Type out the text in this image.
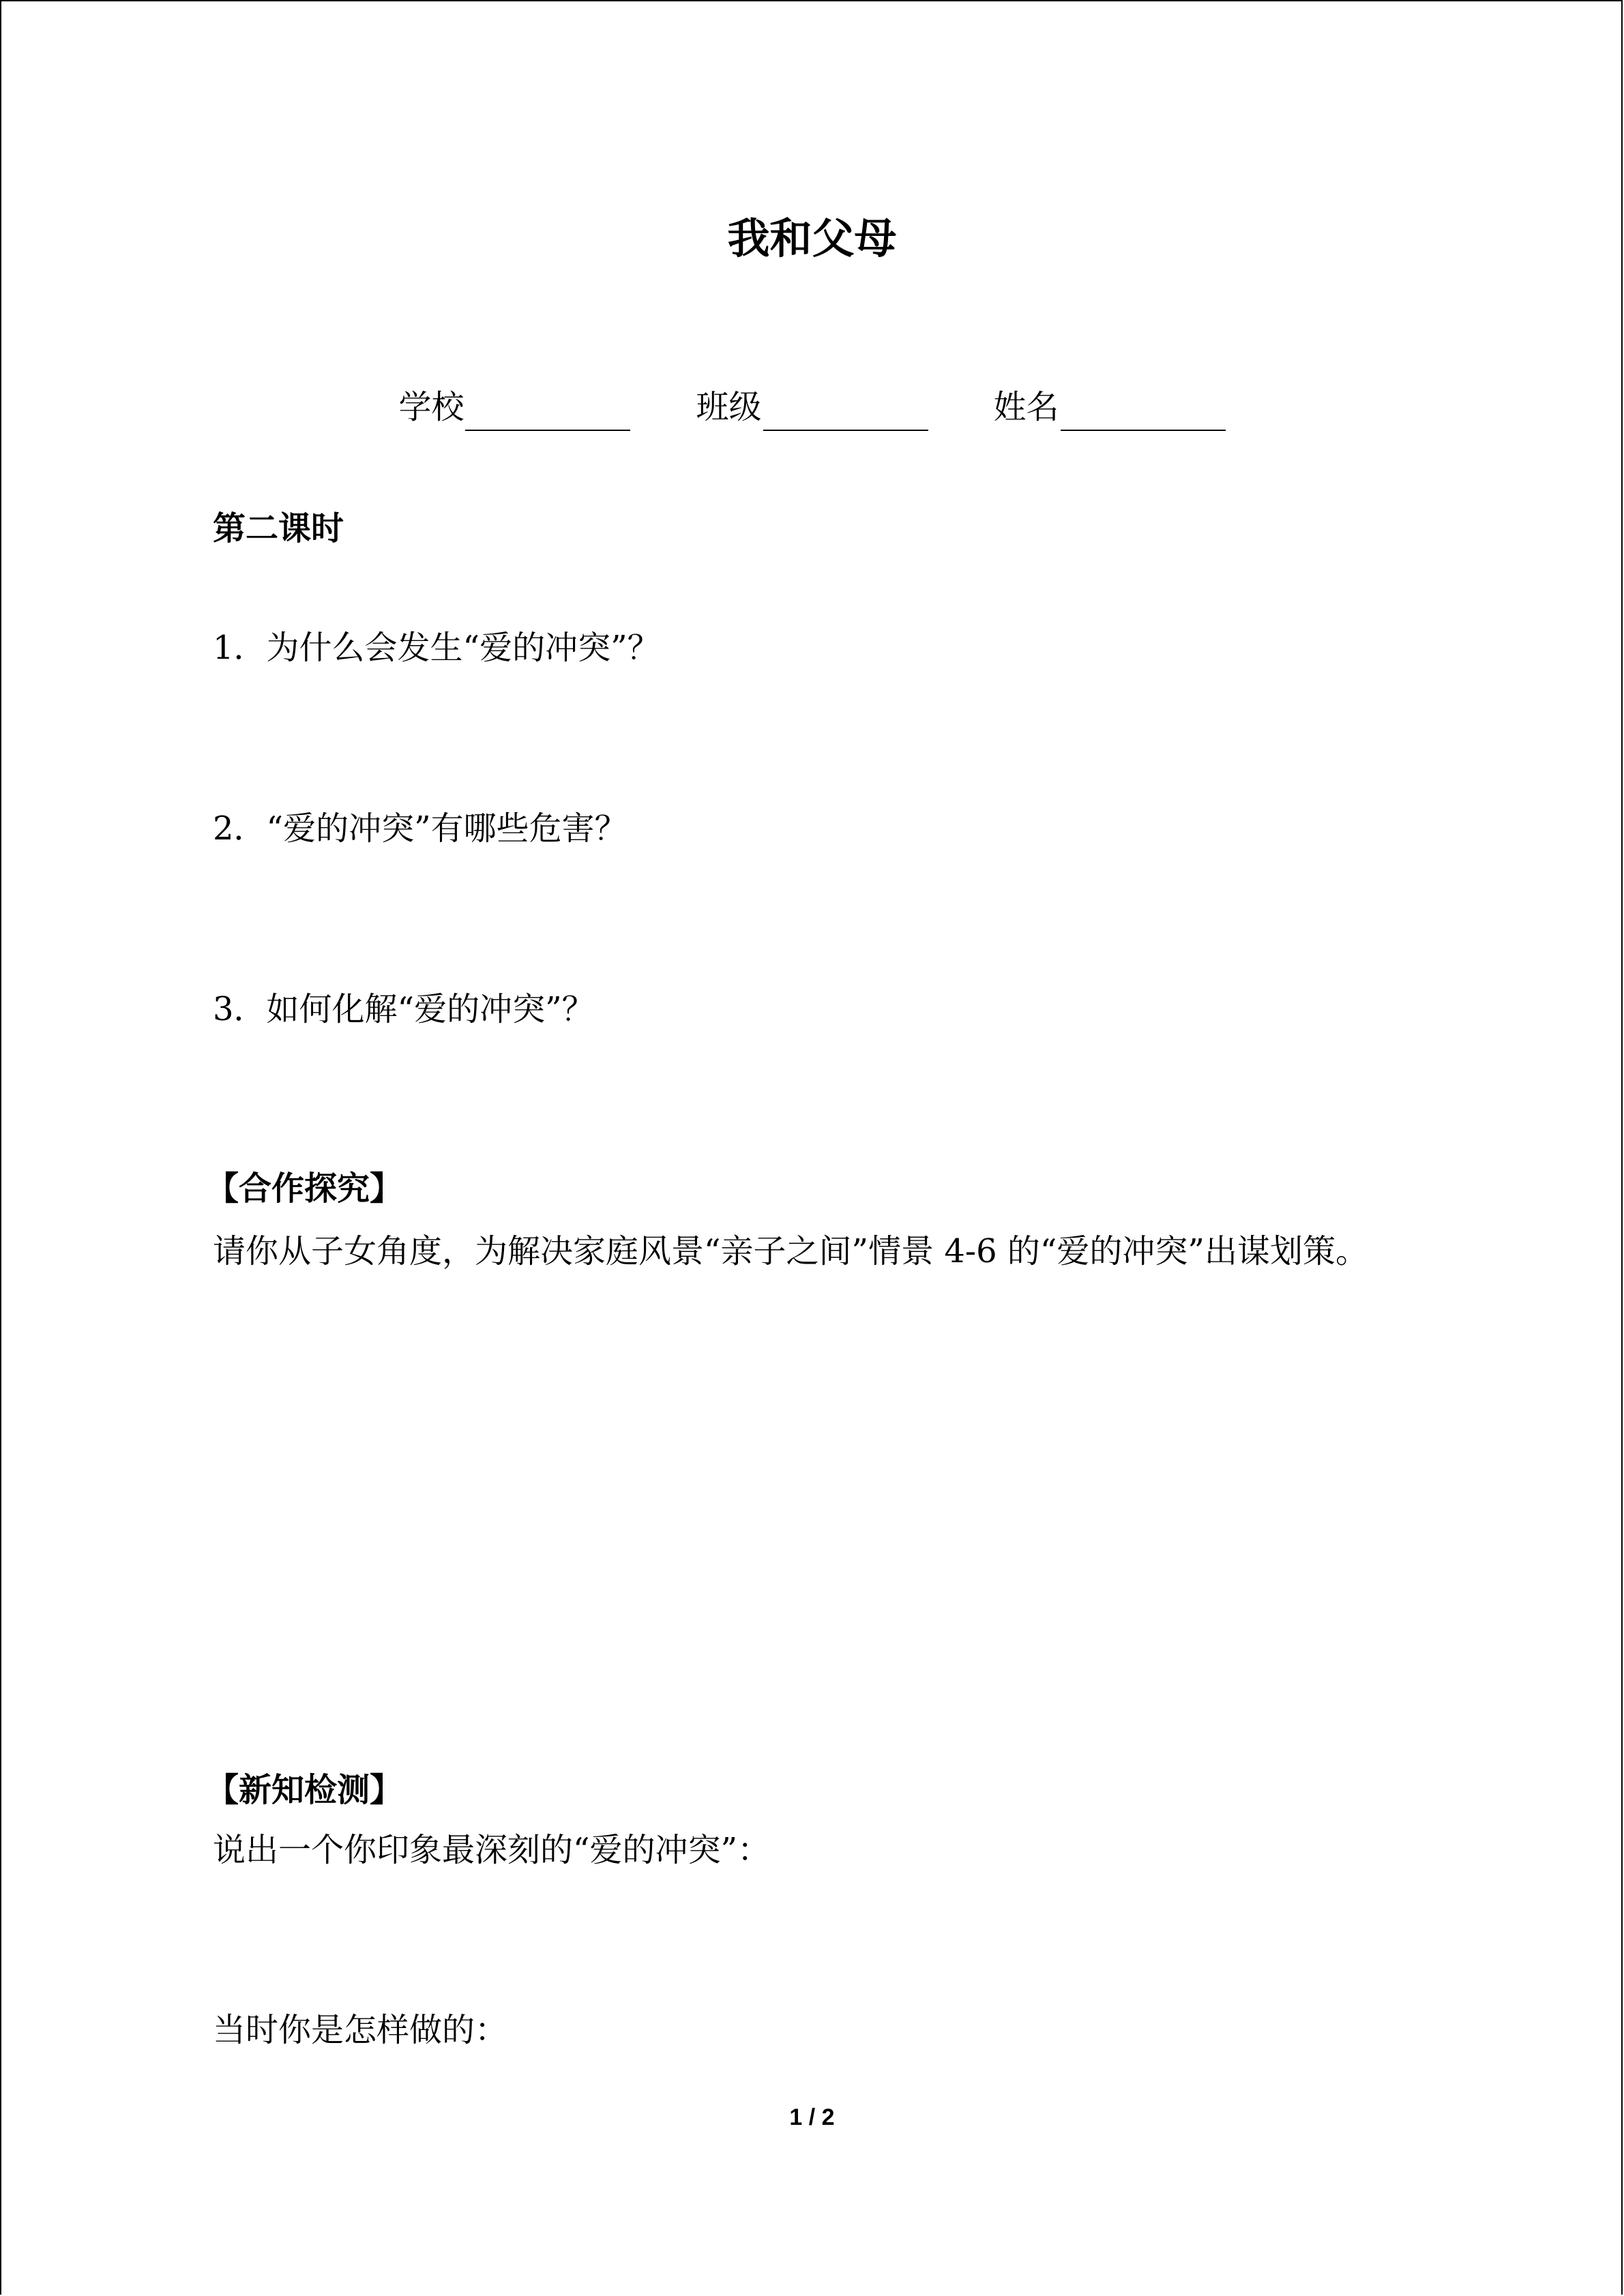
我和父母
学校	班级	姓名
第二课时
1．为什么会发生“爱的冲突”？
2．“爱的冲突”有哪些危害？
3．如何化解“爱的冲突”？
【合作探究】
请你从子女角度，为解决家庭风景“亲子之间”情景 4-6 的“爱的冲突”出谋划策。
【新知检测】
说出一个你印象最深刻的“爱的冲突”：
当时你是怎样做的：
1 / 2
